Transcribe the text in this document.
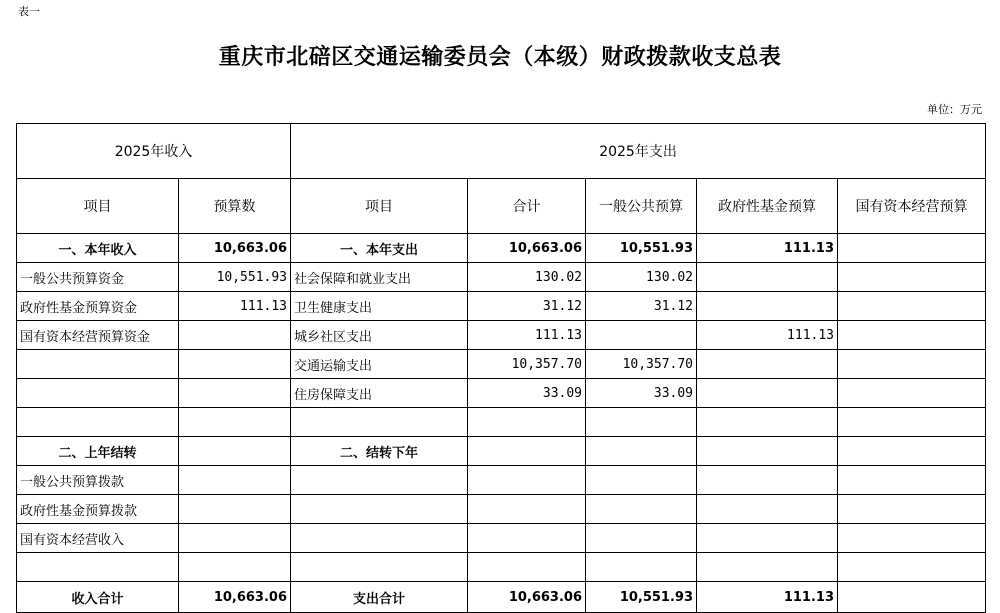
表一
重庆市北碚区交通运输委员会（本级）财政拨款收支总表
单位：万元
2025年收入		2025年支出				
项目	预算数	项目	合计	一般公共预算	政府性基金预算	国有资本经营预算
一、本年收入	10,663.06	一、本年支出	10,663.06	10,551.93	111.13	
一般公共预算资金	10,551.93	社会保障和就业支出	130.02	130.02		
政府性基金预算资金	111.13	卫生健康支出	31.12	31.12		
国有资本经营预算资金		城乡社区支出	111.13		111.13	
		交通运输支出	10,357.70	10,357.70		
		住房保障支出	33.09	33.09		

二、上年结转		二、结转下年				
一般公共预算拨款						
政府性基金预算拨款						
国有资本经营收入						

收入合计	10,663.06	支出合计	10,663.06	10,551.93	111.13	
